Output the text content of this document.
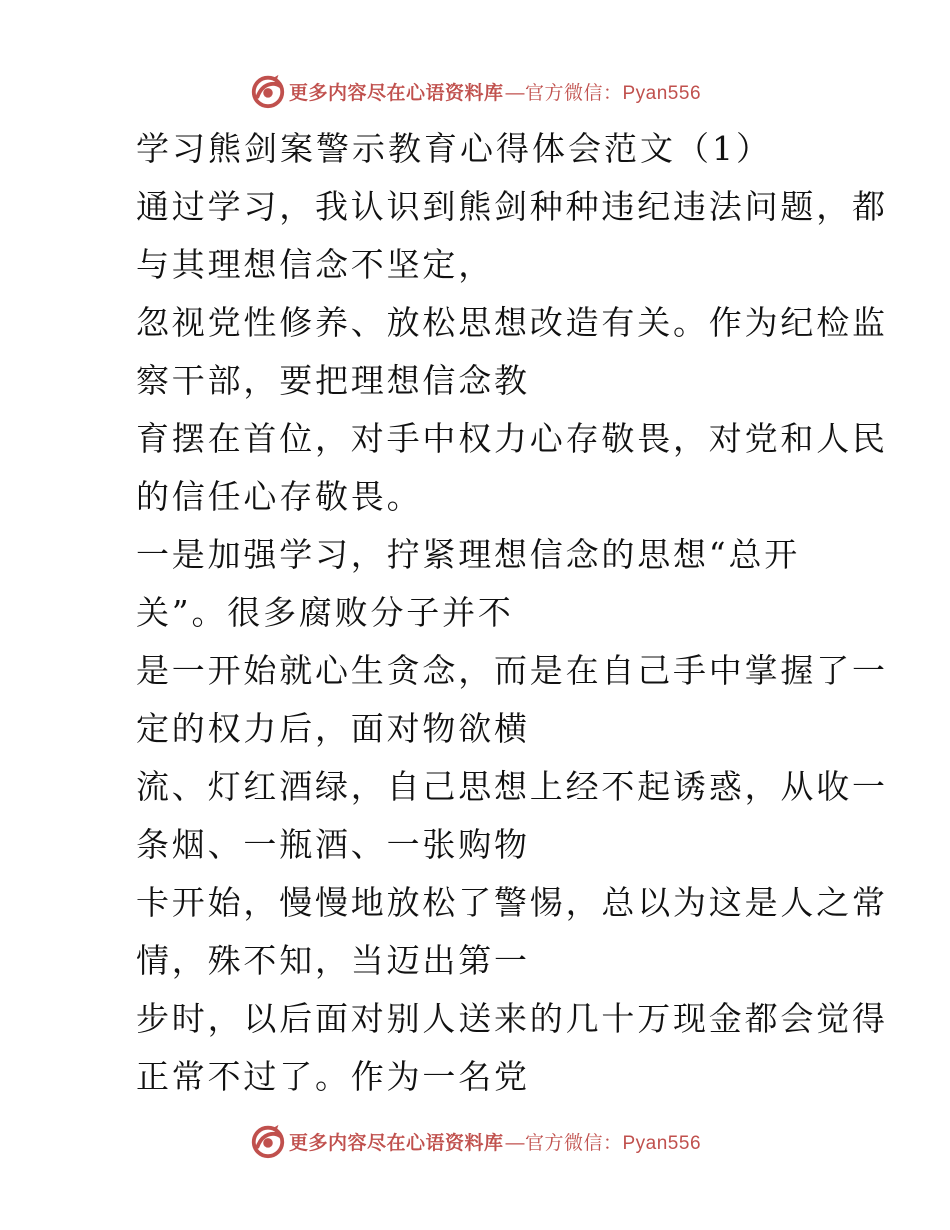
更多内容尽在心语资料库 —官方微信：Pyan556

学习熊剑案警示教育心得体会范文（1）

通过学习，我认识到熊剑种种违纪违法问题，都

与其理想信念不坚定，

忽视党性修养、放松思想改造有关。作为纪检监

察干部，要把理想信念教

育摆在首位，对手中权力心存敬畏，对党和人民

的信任心存敬畏。

一是加强学习，拧紧理想信念的思想“总开

关”。很多腐败分子并不

是一开始就心生贪念，而是在自己手中掌握了一

定的权力后，面对物欲横

流、灯红酒绿，自己思想上经不起诱惑，从收一

条烟、一瓶酒、一张购物

卡开始，慢慢地放松了警惕，总以为这是人之常

情，殊不知，当迈出第一

步时，以后面对别人送来的几十万现金都会觉得

正常不过了。作为一名党

更多内容尽在心语资料库 —官方微信：Pyan556
